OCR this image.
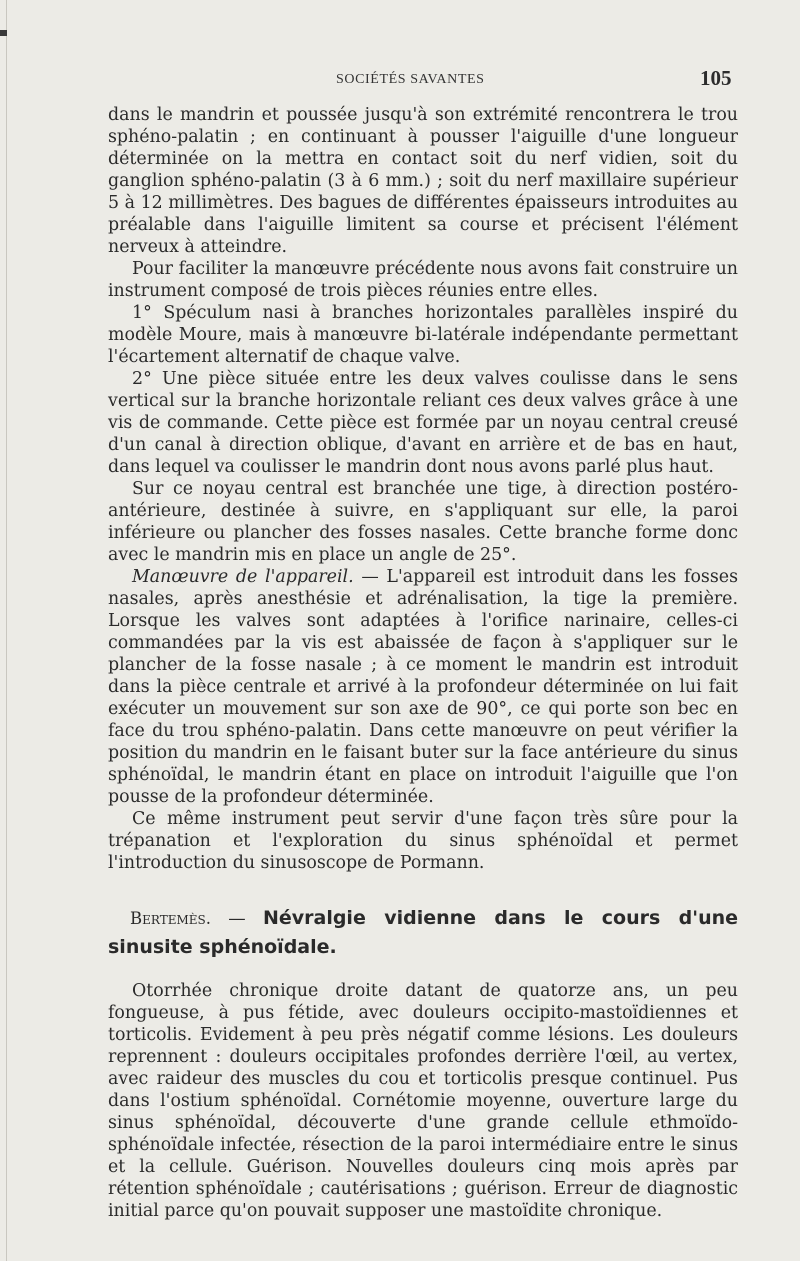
SOCIÉTÉS SAVANTES	105

dans le mandrin et poussée jusqu'à son extrémité rencontrera le trou sphéno-palatin ; en continuant à pousser l'aiguille d'une longueur déterminée on la mettra en contact soit du nerf vidien, soit du ganglion sphéno-palatin (3 à 6 mm.) ; soit du nerf maxillaire supérieur 5 à 12 millimètres. Des bagues de différentes épaisseurs introduites au préalable dans l'aiguille limitent sa course et précisent l'élément nerveux à atteindre.

Pour faciliter la manœuvre précédente nous avons fait construire un instrument composé de trois pièces réunies entre elles.

1° Spéculum nasi à branches horizontales parallèles inspiré du modèle Moure, mais à manœuvre bi-latérale indépendante permettant l'écartement alternatif de chaque valve.

2° Une pièce située entre les deux valves coulisse dans le sens vertical sur la branche horizontale reliant ces deux valves grâce à une vis de commande. Cette pièce est formée par un noyau central creusé d'un canal à direction oblique, d'avant en arrière et de bas en haut, dans lequel va coulisser le mandrin dont nous avons parlé plus haut.

Sur ce noyau central est branchée une tige, à direction postéro-antérieure, destinée à suivre, en s'appliquant sur elle, la paroi inférieure ou plancher des fosses nasales. Cette branche forme donc avec le mandrin mis en place un angle de 25°.

Manœuvre de l'appareil. — L'appareil est introduit dans les fosses nasales, après anesthésie et adrénalisation, la tige la première. Lorsque les valves sont adaptées à l'orifice narinaire, celles-ci commandées par la vis est abaissée de façon à s'appliquer sur le plancher de la fosse nasale ; à ce moment le mandrin est introduit dans la pièce centrale et arrivé à la profondeur déterminée on lui fait exécuter un mouvement sur son axe de 90°, ce qui porte son bec en face du trou sphéno-palatin. Dans cette manœuvre on peut vérifier la position du mandrin en le faisant buter sur la face antérieure du sinus sphénoïdal, le mandrin étant en place on introduit l'aiguille que l'on pousse de la profondeur déterminée.

Ce même instrument peut servir d'une façon très sûre pour la trépanation et l'exploration du sinus sphénoïdal et permet l'introduction du sinusoscope de Pormann.

Bertemès. — Névralgie vidienne dans le cours d'une sinusite sphénoïdale.

Otorrhée chronique droite datant de quatorze ans, un peu fongueuse, à pus fétide, avec douleurs occipito-mastoïdiennes et torticolis. Evidement à peu près négatif comme lésions. Les douleurs reprennent : douleurs occipitales profondes derrière l'œil, au vertex, avec raideur des muscles du cou et torticolis presque continuel. Pus dans l'ostium sphénoïdal. Cornétomie moyenne, ouverture large du sinus sphénoïdal, découverte d'une grande cellule ethmoïdo-sphénoïdale infectée, résection de la paroi intermédiaire entre le sinus et la cellule. Guérison. Nouvelles douleurs cinq mois après par rétention sphénoïdale ; cautérisations ; guérison. Erreur de diagnostic initial parce qu'on pouvait supposer une mastoïdite chronique.
